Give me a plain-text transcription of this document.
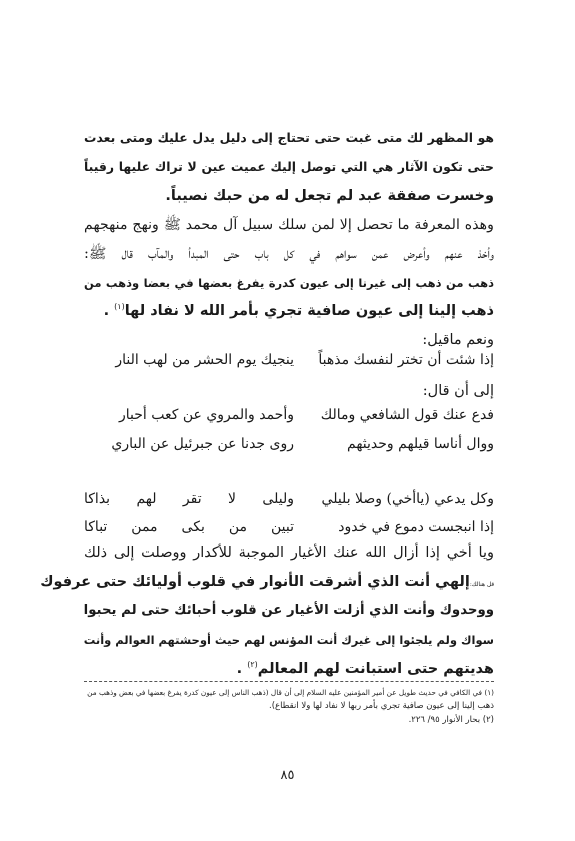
هو المظهر لك متى غبت حتى تحتاج إلى دليل يدل عليك ومتى بعدت
حتى تكون الآثار هي التي توصل إليك عميت عين لا تراك عليها رقيباً
وخسرت صفقة عبد لم تجعل له من حبك نصيباً.
وهذه المعرفة ما تحصل إلا لمن سلك سبيل آل محمد ﷺ ونهج منهجهم
وأخذ عنهم وأعرض عمن سواهم في كل باب حتى المبدأ والمآب قال ﷺ:
ذهب من ذهب إلى غيرنا إلى عيون كدرة يفرغ بعضها في بعضا وذهب من
ذهب إلينا إلى عيون صافية تجري بأمر الله لا نفاد لها$^{(١)}$ .
ونعم ماقيل:
إذا شئت أن تختر لنفسك مذهباً
ينجيك يوم الحشر من لهب النار
إلى أن قال:
فدع عنك قول الشافعي ومالك
وأحمد والمروي عن كعب أحبار
ووال أناسا قيلهم وحديثهم
روى جدنا عن جبرئيل عن الباري
وكل يدعي (ياأخي) وصلا بليلي
وليلى لا تقر لهم بذاكا
إذا انبجست دموع في خدود
تبين من بكى ممن تباكا
ويا أخي إذا أزال الله عنك الأغيار الموجبة للأكدار ووصلت إلى ذلك
قل هنالك:إلهي أنت الذي أشرقت الأنوار في قلوب أوليائك حتى عرفوك
ووحدوك وأنت الذي أزلت الأغيار عن قلوب أحبائك حتى لم يحبوا
سواك ولم يلجئوا إلى غيرك أنت المؤنس لهم حيث أوحشتهم العوالم وأنت
هديتهم حتى استبانت لهم المعالم$^{(٢)}$ .
(١) في الكافي في حديث طويل عن أمير المؤمنين عليه السلام إلى أن قال (ذهب الناس إلى عيون كدرة يفرغ بعضها في بعض وذهب من
ذهب إلينا إلى عيون صافية تجري بأمر ربها لا نفاد لها ولا انقطاع).
(٢) بحار الأنوار ٩٥/ ٢٢٦.
٨٥
